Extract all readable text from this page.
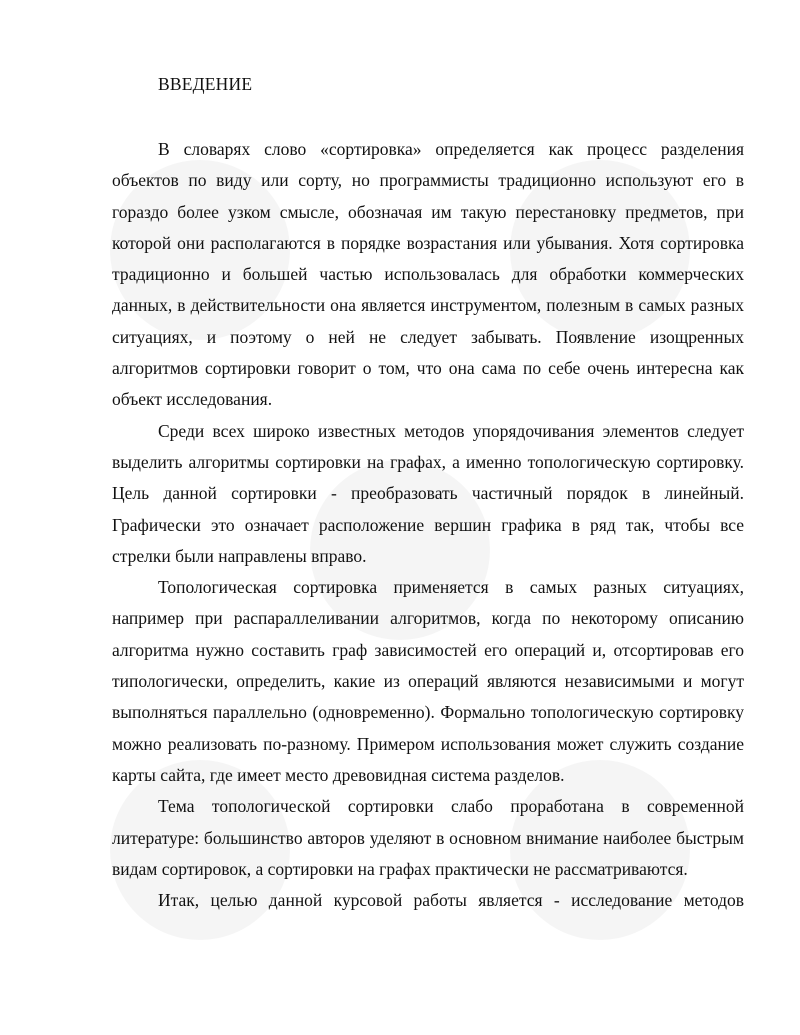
ВВЕДЕНИЕ

В словарях слово «сортировка» определяется как процесс разделения объектов по виду или сорту, но программисты традиционно используют его в гораздо более узком смысле, обозначая им такую перестановку предметов, при которой они располагаются в порядке возрастания или убывания. Хотя сортировка традиционно и большей частью использовалась для обработки коммерческих данных, в действительности она является инструментом, полезным в самых разных ситуациях, и поэтому о ней не следует забывать. Появление изощренных алгоритмов сортировки говорит о том, что она сама по себе очень интересна как объект исследования.

Среди всех широко известных методов упорядочивания элементов следует выделить алгоритмы сортировки на графах, а именно топологическую сортировку. Цель данной сортировки - преобразовать частичный порядок в линейный. Графически это означает расположение вершин графика в ряд так, чтобы все стрелки были направлены вправо.

Топологическая сортировка применяется в самых разных ситуациях, например при распараллеливании алгоритмов, когда по некоторому описанию алгоритма нужно составить граф зависимостей его операций и, отсортировав его типологически, определить, какие из операций являются независимыми и могут выполняться параллельно (одновременно). Формально топологическую сортировку можно реализовать по-разному. Примером использования может служить создание карты сайта, где имеет место древовидная система разделов.

Тема топологической сортировки слабо проработана в современной литературе: большинство авторов уделяют в основном внимание наиболее быстрым видам сортировок, а сортировки на графах практически не рассматриваются.

Итак, целью данной курсовой работы является - исследование методов
